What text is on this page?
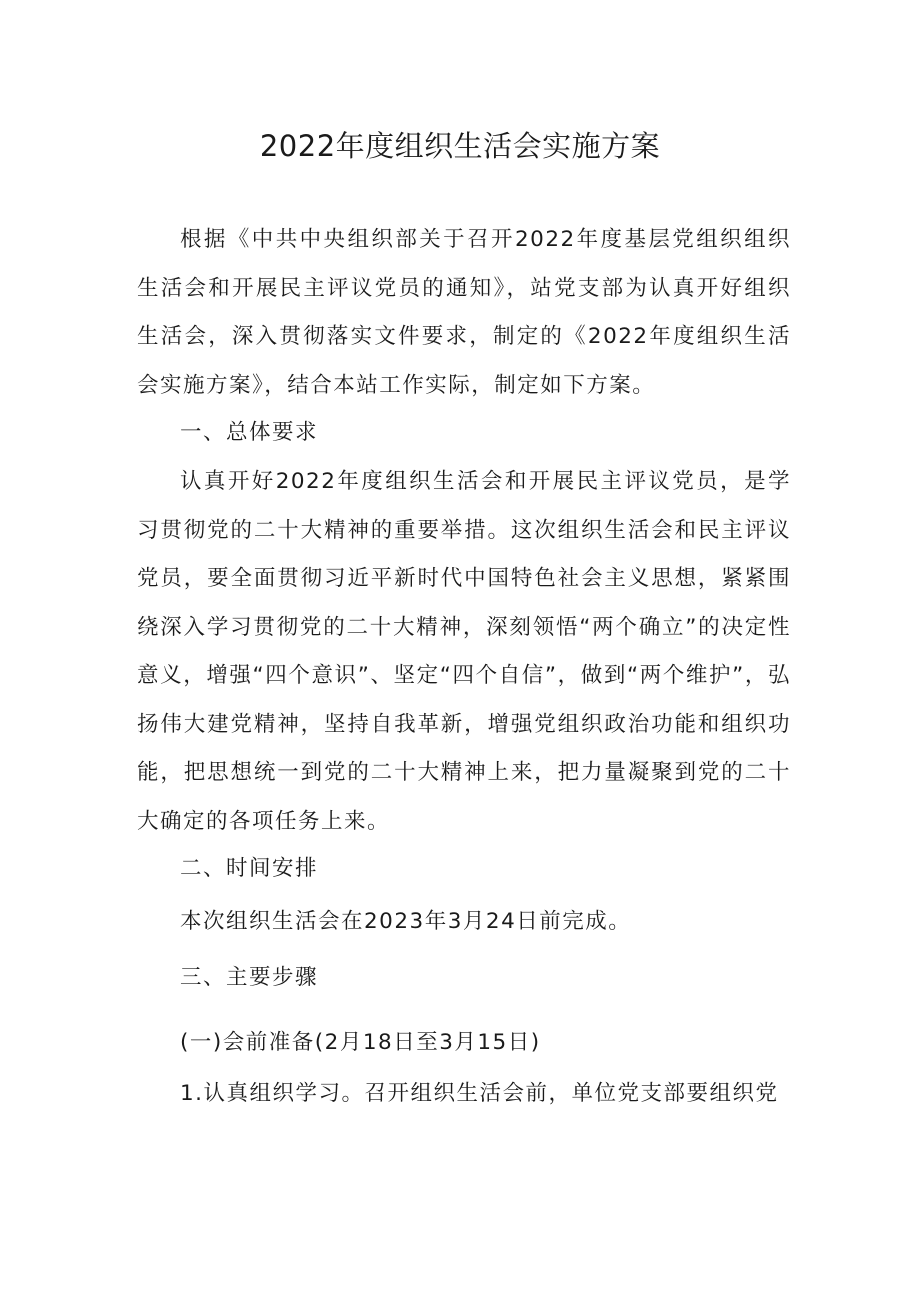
2022年度组织生活会实施方案

根据《中共中央组织部关于召开2022年度基层党组织组织生活会和开展民主评议党员的通知》，站党支部为认真开好组织生活会，深入贯彻落实文件要求，制定的《2022年度组织生活会实施方案》，结合本站工作实际，制定如下方案。

一、总体要求

认真开好2022年度组织生活会和开展民主评议党员，是学习贯彻党的二十大精神的重要举措。这次组织生活会和民主评议党员，要全面贯彻习近平新时代中国特色社会主义思想，紧紧围绕深入学习贯彻党的二十大精神，深刻领悟“两个确立”的决定性意义，增强“四个意识”、坚定“四个自信”，做到“两个维护”，弘扬伟大建党精神，坚持自我革新，增强党组织政治功能和组织功能，把思想统一到党的二十大精神上来，把力量凝聚到党的二十大确定的各项任务上来。

二、时间安排

本次组织生活会在2023年3月24日前完成。

三、主要步骤

(一)会前准备(2月18日至3月15日)

1.认真组织学习。召开组织生活会前，单位党支部要组织党
